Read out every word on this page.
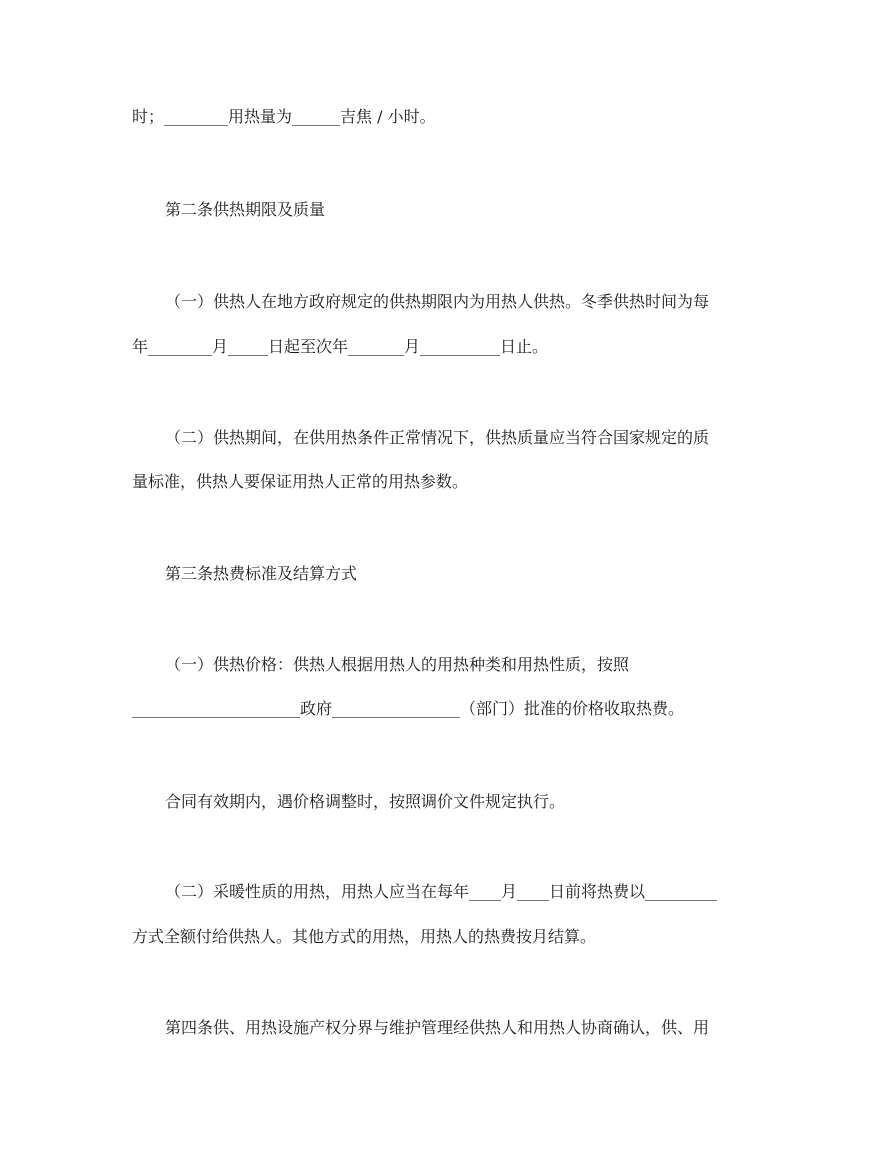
时；________用热量为______吉焦 / 小时。
第二条供热期限及质量
（一）供热人在地方政府规定的供热期限内为用热人供热。冬季供热时间为每
年________月_____日起至次年_______月__________日止。
（二）供热期间，在供用热条件正常情况下，供热质量应当符合国家规定的质
量标准，供热人要保证用热人正常的用热参数。
第三条热费标准及结算方式
（一）供热价格：供热人根据用热人的用热种类和用热性质，按照
_____________________政府________________（部门）批准的价格收取热费。
合同有效期内，遇价格调整时，按照调价文件规定执行。
（二）采暖性质的用热，用热人应当在每年____月____日前将热费以_________
方式全额付给供热人。其他方式的用热，用热人的热费按月结算。
第四条供、用热设施产权分界与维护管理经供热人和用热人协商确认，供、用
